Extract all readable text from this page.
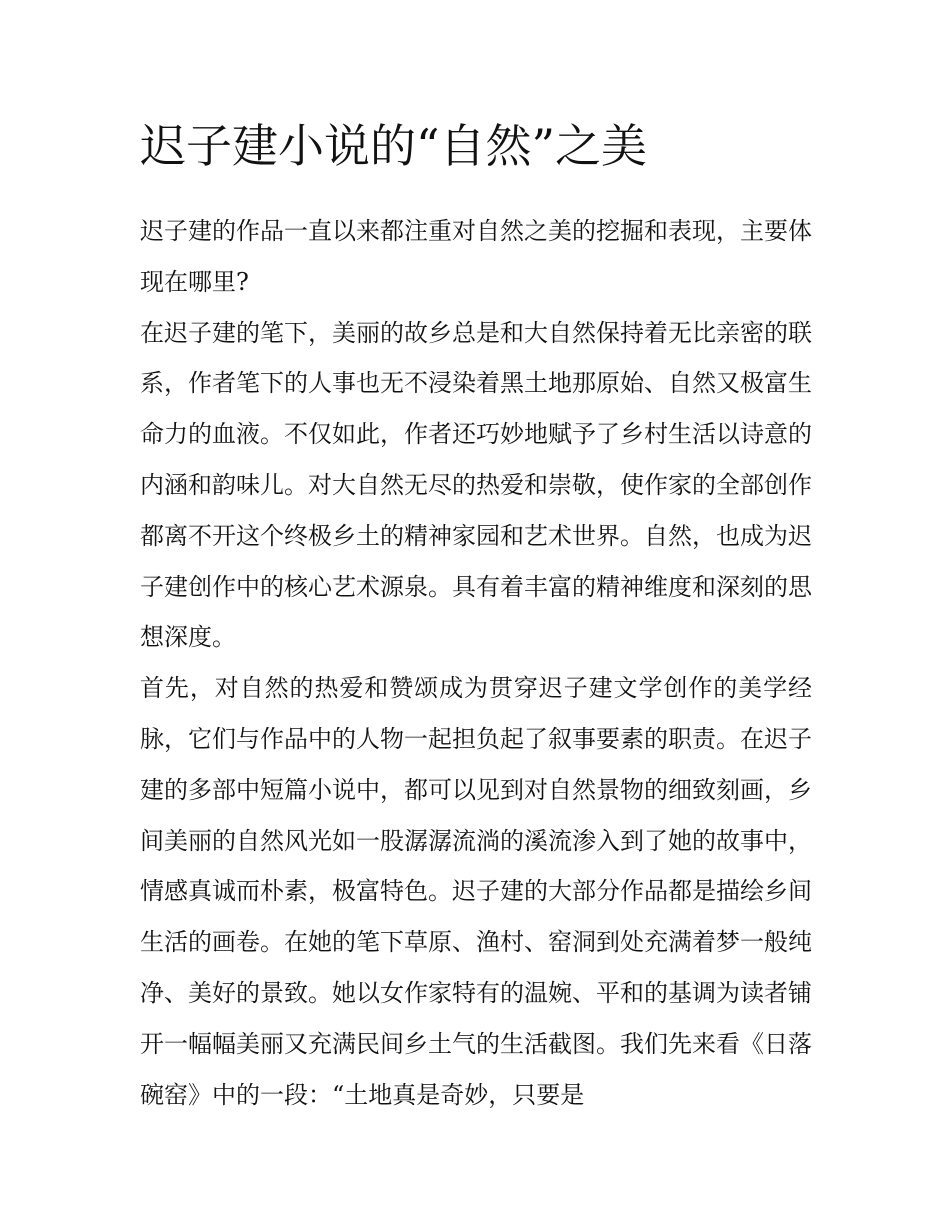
迟子建小说的“自然”之美

迟子建的作品一直以来都注重对自然之美的挖掘和表现，主要体现在哪里?

在迟子建的笔下，美丽的故乡总是和大自然保持着无比亲密的联系，作者笔下的人事也无不浸染着黑土地那原始、自然又极富生命力的血液。不仅如此，作者还巧妙地赋予了乡村生活以诗意的内涵和韵味儿。对大自然无尽的热爱和崇敬，使作家的全部创作都离不开这个终极乡土的精神家园和艺术世界。自然，也成为迟子建创作中的核心艺术源泉。具有着丰富的精神维度和深刻的思想深度。

首先，对自然的热爱和赞颂成为贯穿迟子建文学创作的美学经脉，它们与作品中的人物一起担负起了叙事要素的职责。在迟子建的多部中短篇小说中，都可以见到对自然景物的细致刻画，乡间美丽的自然风光如一股潺潺流淌的溪流渗入到了她的故事中，情感真诚而朴素，极富特色。迟子建的大部分作品都是描绘乡间生活的画卷。在她的笔下草原、渔村、窑洞到处充满着梦一般纯净、美好的景致。她以女作家特有的温婉、平和的基调为读者铺开一幅幅美丽又充满民间乡土气的生活截图。我们先来看《日落碗窑》中的一段：“土地真是奇妙，只要是
